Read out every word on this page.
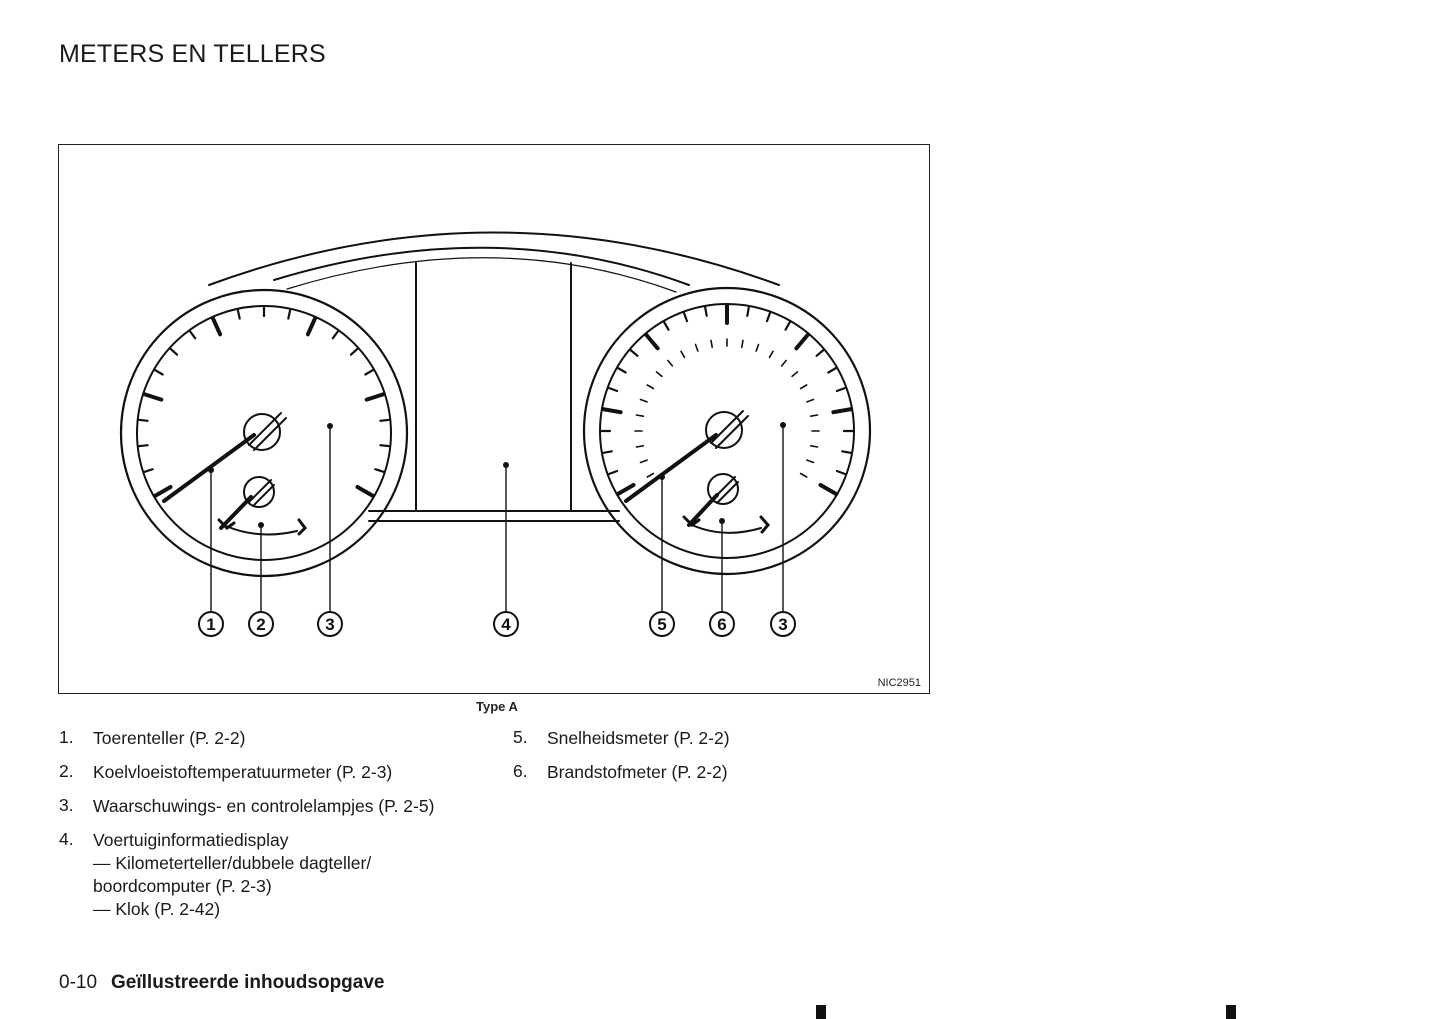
METERS EN TELLERS
1 2	3	4	5	6	3
NIC2951
Type A
1. Toerenteller (P. 2-2)
2. Koelvloeistoftemperatuurmeter (P. 2-3)
3. Waarschuwings- en controlelampjes (P. 2-5)
4. Voertuiginformatiedisplay
— Kilometerteller/dubbele dagteller/
boordcomputer (P. 2-3)
— Klok (P. 2-42)
5. Snelheidsmeter (P. 2-2)
6. Brandstofmeter (P. 2-2)
0-10 Geïllustreerde inhoudsopgave
